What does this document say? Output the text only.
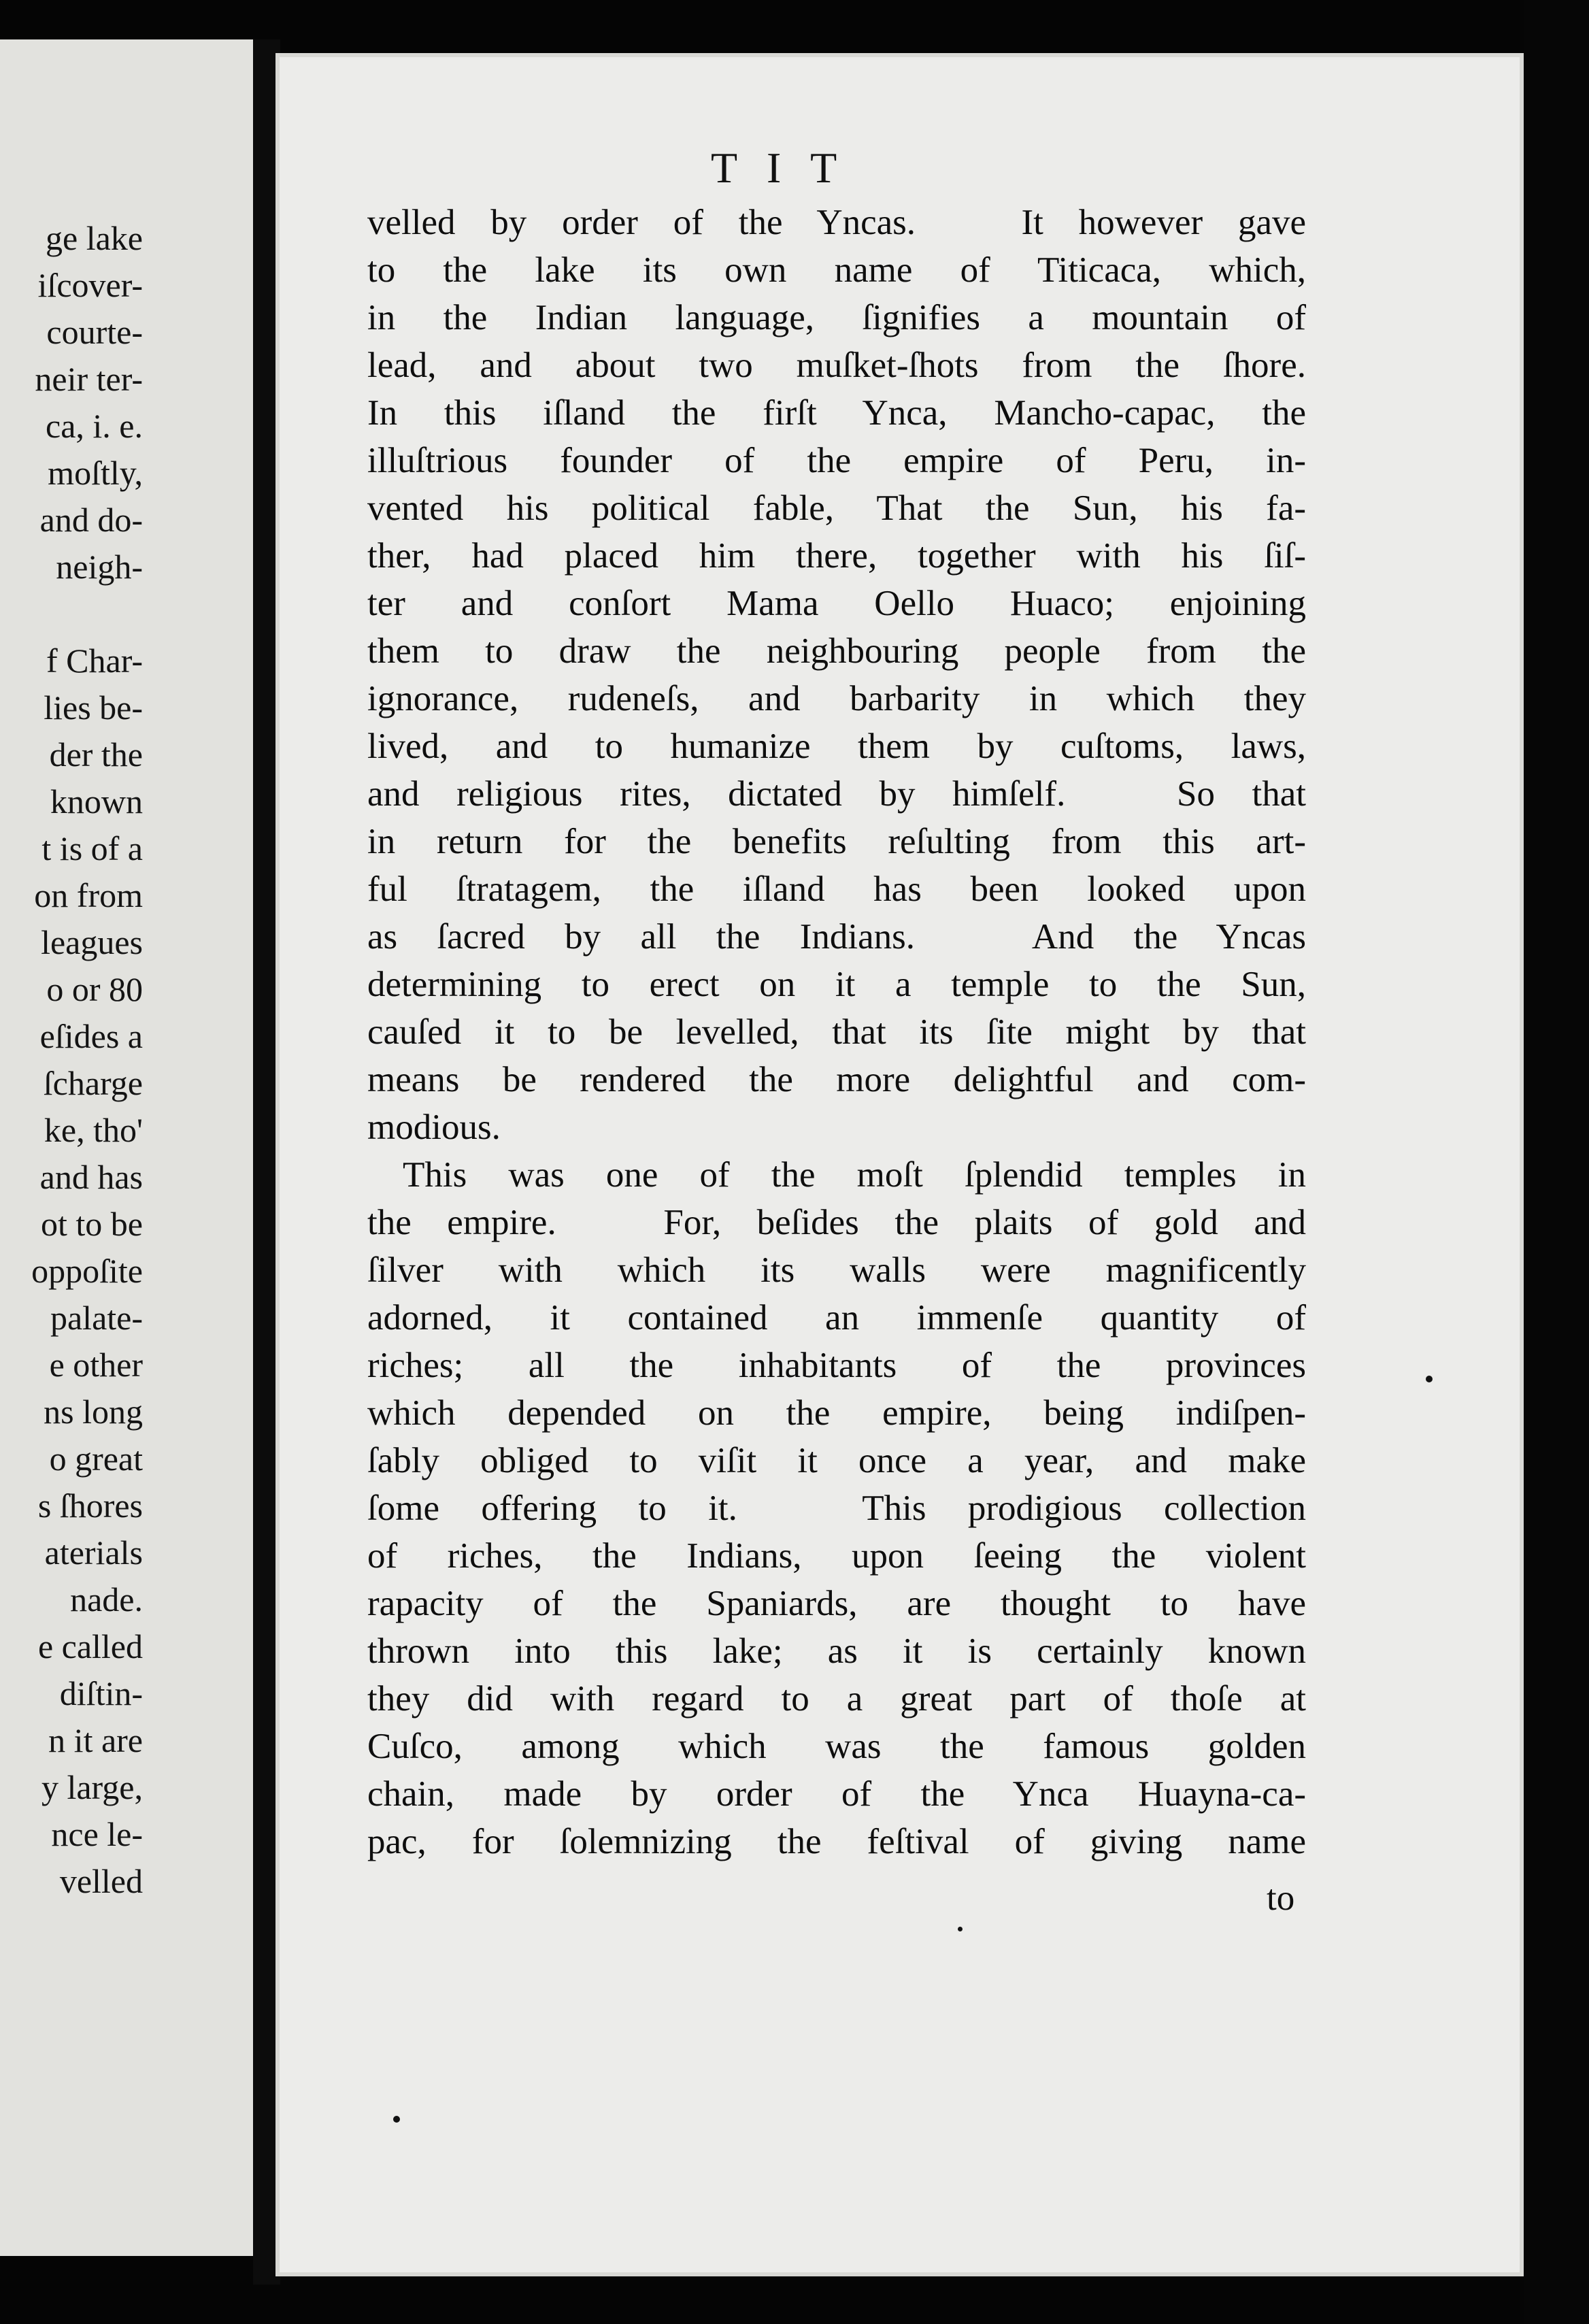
ge lake
iſcover-
courte-
neir ter-
ca, i. e.
moſtly,
and do-
neigh-
f Char-
lies be-
der the
known
t is of a
on from
leagues
o or 80
eſides a
ſcharge
ke, tho'
and has
ot to be
oppoſite
palate-
e other
ns long
o great
s ſhores
aterials
nade.
e called
diſtin-
n it are
y large,
nce le-
velled
T I T
velled by order of the Yncas.   It however gave
to the lake its own name of Titicaca, which,
in the Indian language, ſignifies a mountain of
lead, and about two muſket-ſhots from the ſhore.
In this iſland the firſt Ynca, Mancho-capac, the
illuſtrious founder of the empire of Peru, in-
vented his political fable, That the Sun, his fa-
ther, had placed him there, together with his ſiſ-
ter and conſort Mama Oello Huaco; enjoining
them to draw the neighbouring people from the
ignorance, rudeneſs, and barbarity in which they
lived, and to humanize them by cuſtoms, laws,
and religious rites, dictated by himſelf.   So that
in return for the benefits reſulting from this art-
ful ſtratagem, the iſland has been looked upon
as ſacred by all the Indians.   And the Yncas
determining to erect on it a temple to the Sun,
cauſed it to be levelled, that its ſite might by that
means be rendered the more delightful and com-
modious.
This was one of the moſt ſplendid temples in
the empire.   For, beſides the plaits of gold and
ſilver with which its walls were magnificently
adorned, it contained an immenſe quantity of
riches; all the inhabitants of the provinces
which depended on the empire, being indiſpen-
ſably obliged to viſit it once a year, and make
ſome offering to it.   This prodigious collection
of riches, the Indians, upon ſeeing the violent
rapacity of the Spaniards, are thought to have
thrown into this lake; as it is certainly known
they did with regard to a great part of thoſe at
Cuſco, among which was the famous golden
chain, made by order of the Ynca Huayna-ca-
pac, for ſolemnizing the feſtival of giving name
to
